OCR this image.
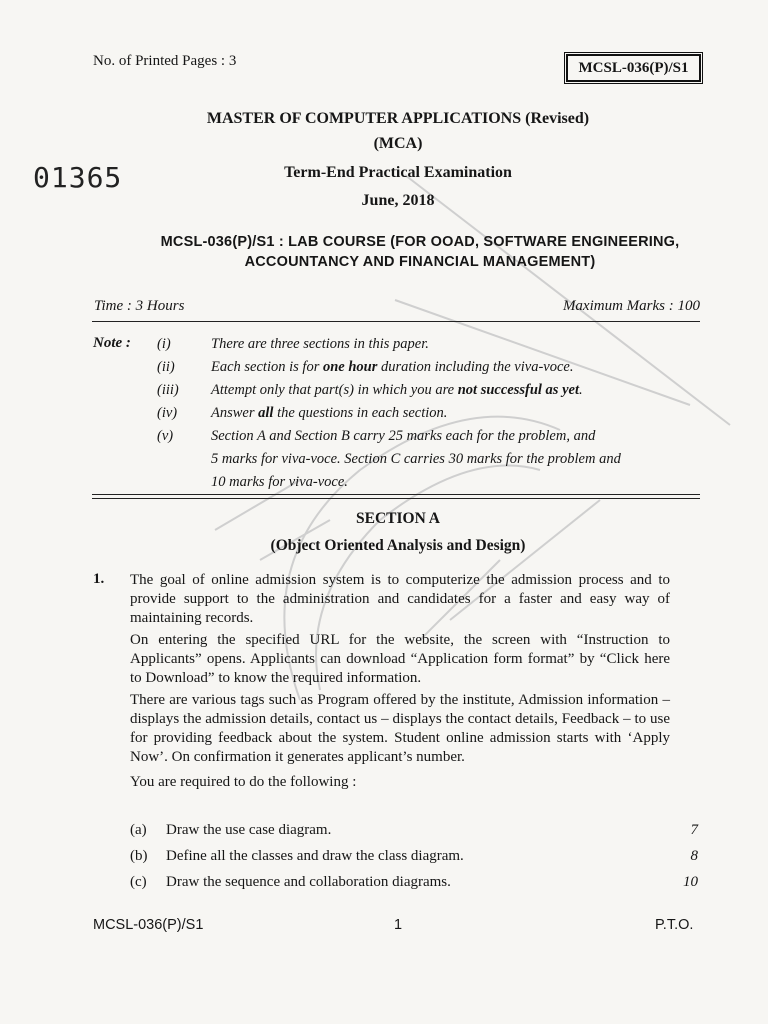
No. of Printed Pages : 3	MCSL-036(P)/S1
MASTER OF COMPUTER APPLICATIONS (Revised)
(MCA)
01365	Term-End Practical Examination
June, 2018
MCSL-036(P)/S1 : LAB COURSE (FOR OOAD, SOFTWARE ENGINEERING,
ACCOUNTANCY AND FINANCIAL MANAGEMENT)
Time : 3 Hours	Maximum Marks : 100
Note : (i)	There are three sections in this paper.
(ii)	Each section is for one hour duration including the viva-voce.
(iii)	Attempt only that part(s) in which you are not successful as yet.
(iv)	Answer all the questions in each section.
(v)	Section A and Section B carry 25 marks each for the problem, and
5 marks for viva-voce. Section C carries 30 marks for the problem and
10 marks for viva-voce.
SECTION A
(Object Oriented Analysis and Design)
1. The goal of online admission system is to computerize the admission process and to provide support to the administration and candidates for a faster and easy way of maintaining records.

On entering the specified URL for the website, the screen with “Instruction to Applicants” opens. Applicants can download “Application form format” by “Click here to Download” to know the required information.

There are various tags such as Program offered by the institute, Admission information – displays the admission details, contact us – displays the contact details, Feedback – to use for providing feedback about the system. Student online admission starts with ‘Apply Now’. On confirmation it generates applicant’s number.

You are required to do the following :

(a)	Draw the use case diagram.	7
(b)	Define all the classes and draw the class diagram.	8
(c)	Draw the sequence and collaboration diagrams.	10
MCSL-036(P)/S1	1	P.T.O.
